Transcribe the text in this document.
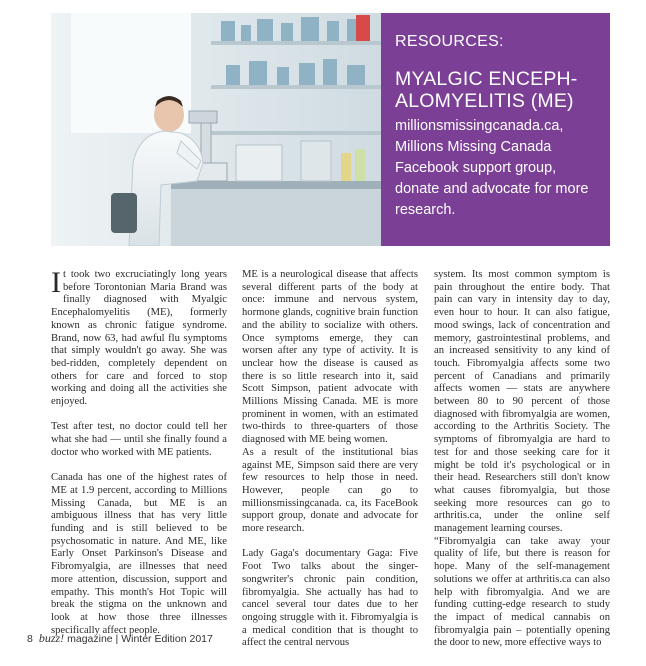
RESOURCES:
MYALGIC ENCEPH-ALOMYELITIS (ME)
millionsmissingcanada.ca, Millions Missing Canada Facebook support group, donate and advocate for more research.

It took two excruciatingly long years before Torontonian Maria Brand was finally diagnosed with Myalgic Encephalomyelitis (ME), formerly known as chronic fatigue syndrome. Brand, now 63, had awful flu symptoms that simply wouldn't go away. She was bed-ridden, completely dependent on others for care and forced to stop working and doing all the activities she enjoyed.

Test after test, no doctor could tell her what she had — until she finally found a doctor who worked with ME patients.

Canada has one of the highest rates of ME at 1.9 percent, according to Millions Missing Canada, but ME is an ambiguous illness that has very little funding and is still believed to be psychosomatic in nature. And ME, like Early Onset Parkinson's Disease and Fibromyalgia, are illnesses that need more attention, discussion, support and empathy. This month's Hot Topic will break the stigma on the unknown and look at how those three illnesses specifically affect people.

ME is a neurological disease that affects several different parts of the body at once: immune and nervous system, hormone glands, cognitive brain function and the ability to socialize with others. Once symptoms emerge, they can worsen after any type of activity. It is unclear how the disease is caused as there is so little research into it, said Scott Simpson, patient advocate with Millions Missing Canada. ME is more prominent in women, with an estimated two-thirds to three-quarters of those diagnosed with ME being women.

As a result of the institutional bias against ME, Simpson said there are very few resources to help those in need. However, people can go to millionsmissingcanada. ca, its FaceBook support group, donate and advocate for more research.

Lady Gaga's documentary Gaga: Five Foot Two talks about the singer-songwriter's chronic pain condition, fibromyalgia. She actually has had to cancel several tour dates due to her ongoing struggle with it. Fibromyalgia is a medical condition that is thought to affect the central nervous

system. Its most common symptom is pain throughout the entire body. That pain can vary in intensity day to day, even hour to hour. It can also fatigue, mood swings, lack of concentration and memory, gastrointestinal problems, and an increased sensitivity to any kind of touch. Fibromyalgia affects some two percent of Canadians and primarily affects women — stats are anywhere between 80 to 90 percent of those diagnosed with fibromyalgia are women, according to the Arthritis Society. The symptoms of fibromyalgia are hard to test for and those seeking care for it might be told it's psychological or in their head. Researchers still don't know what causes fibromyalgia, but those seeking more resources can go to arthritis.ca, under the online self management learning courses.

“Fibromyalgia can take away your quality of life, but there is reason for hope. Many of the self-management solutions we offer at arthritis.ca can also help with fibromyalgia. And we are funding cutting-edge research to study the impact of medical cannabis on fibromyalgia pain – potentially opening the door to new, more effective ways to

8 buzz! magazine | Winter Edition 2017
